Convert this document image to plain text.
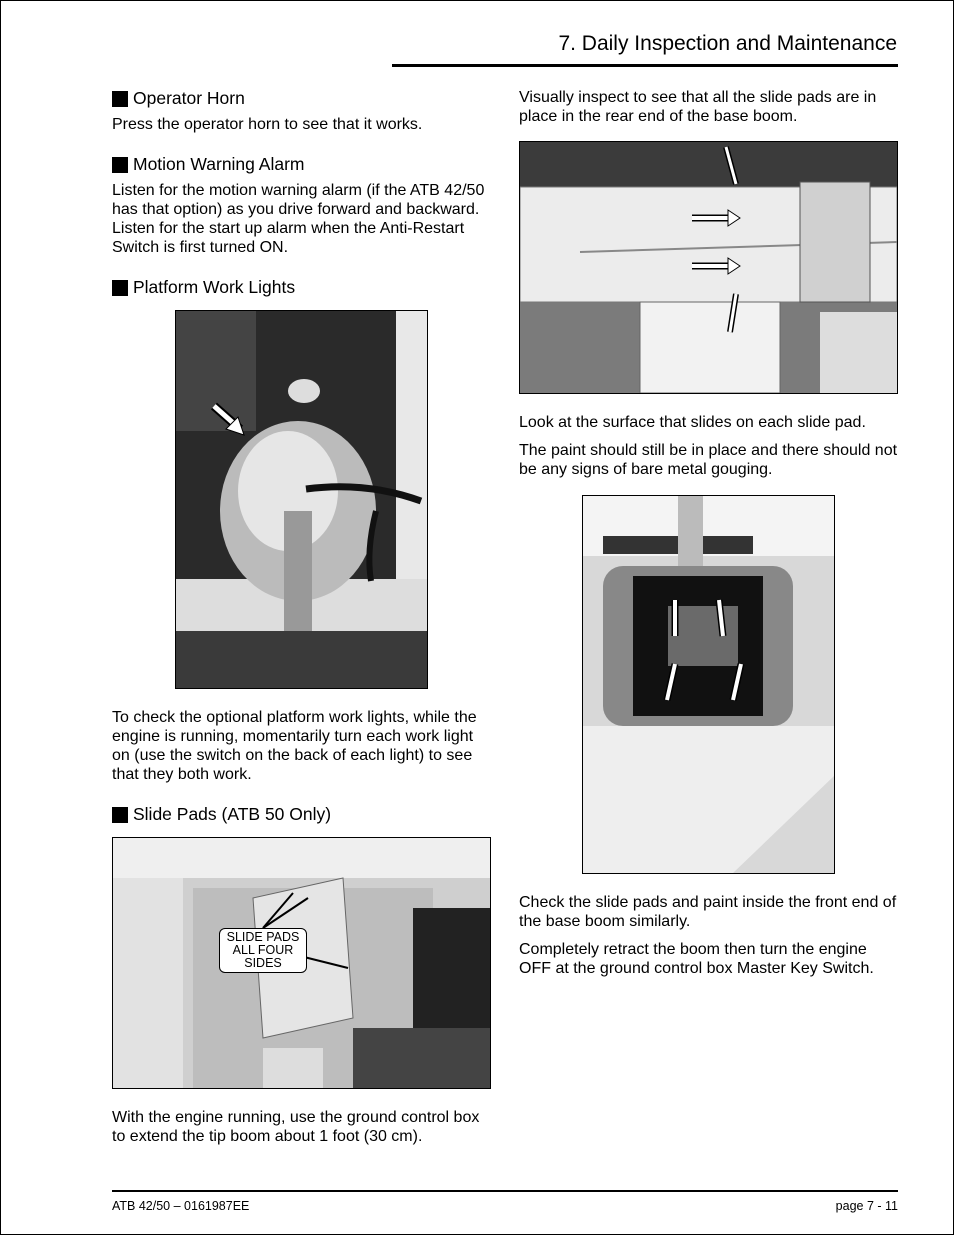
7. Daily Inspection and Maintenance
Operator Horn

Press the operator horn to see that it works.

Motion Warning Alarm

Listen for the motion warning alarm (if the ATB 42/50 has that option) as you drive forward and backward. Listen for the start up alarm when the Anti-Restart Switch is first turned ON.

Platform Work Lights

To check the optional platform work lights, while the engine is running, momentarily turn each work light on (use the switch on the back of each light) to see that they both work.

Slide Pads (ATB 50 Only)
SLIDE PADS
ALL FOUR
SIDES

With the engine running, use the ground control box to extend the tip boom about 1 foot (30 cm).

Visually inspect to see that all the slide pads are in place in the rear end of the base boom.

Look at the surface that slides on each slide pad.

The paint should still be in place and there should not be any signs of bare metal gouging.

Check the slide pads and paint inside the front end of the base boom similarly.

Completely retract the boom then turn the engine OFF at the ground control box Master Key Switch.

ATB 42/50 – 0161987EE	page 7 - 11
